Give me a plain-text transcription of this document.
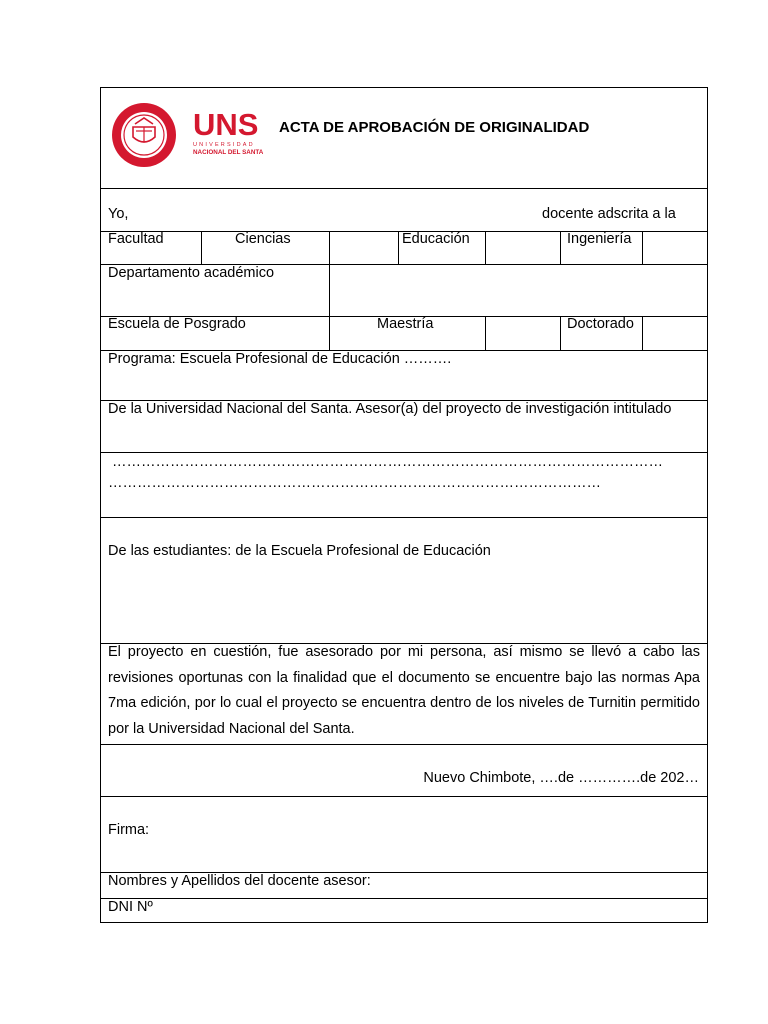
UNS
UNIVERSIDAD
NACIONAL DEL SANTA
ACTA DE APROBACIÓN DE ORIGINALIDAD
Yo,	docente adscrita a la
Facultad	Ciencias	Educación	Ingeniería
Departamento académico
Escuela de Posgrado	Maestría	Doctorado
Programa: Escuela Profesional de Educación ……….
De la Universidad Nacional del Santa. Asesor(a) del proyecto de investigación intitulado
……………………………………………………………………………………………………
…………………………………………………………………………………………
De las estudiantes: de la Escuela Profesional de Educación
El proyecto en cuestión, fue asesorado por mi persona, así mismo se llevó a cabo las revisiones oportunas con la finalidad que el documento se encuentre bajo las normas Apa 7ma edición, por lo cual el proyecto se encuentra dentro de los niveles de Turnitin permitido por la Universidad Nacional del Santa.
Nuevo Chimbote, ….de ………….de 202…
Firma:
Nombres y Apellidos del docente asesor:
DNI Nº
